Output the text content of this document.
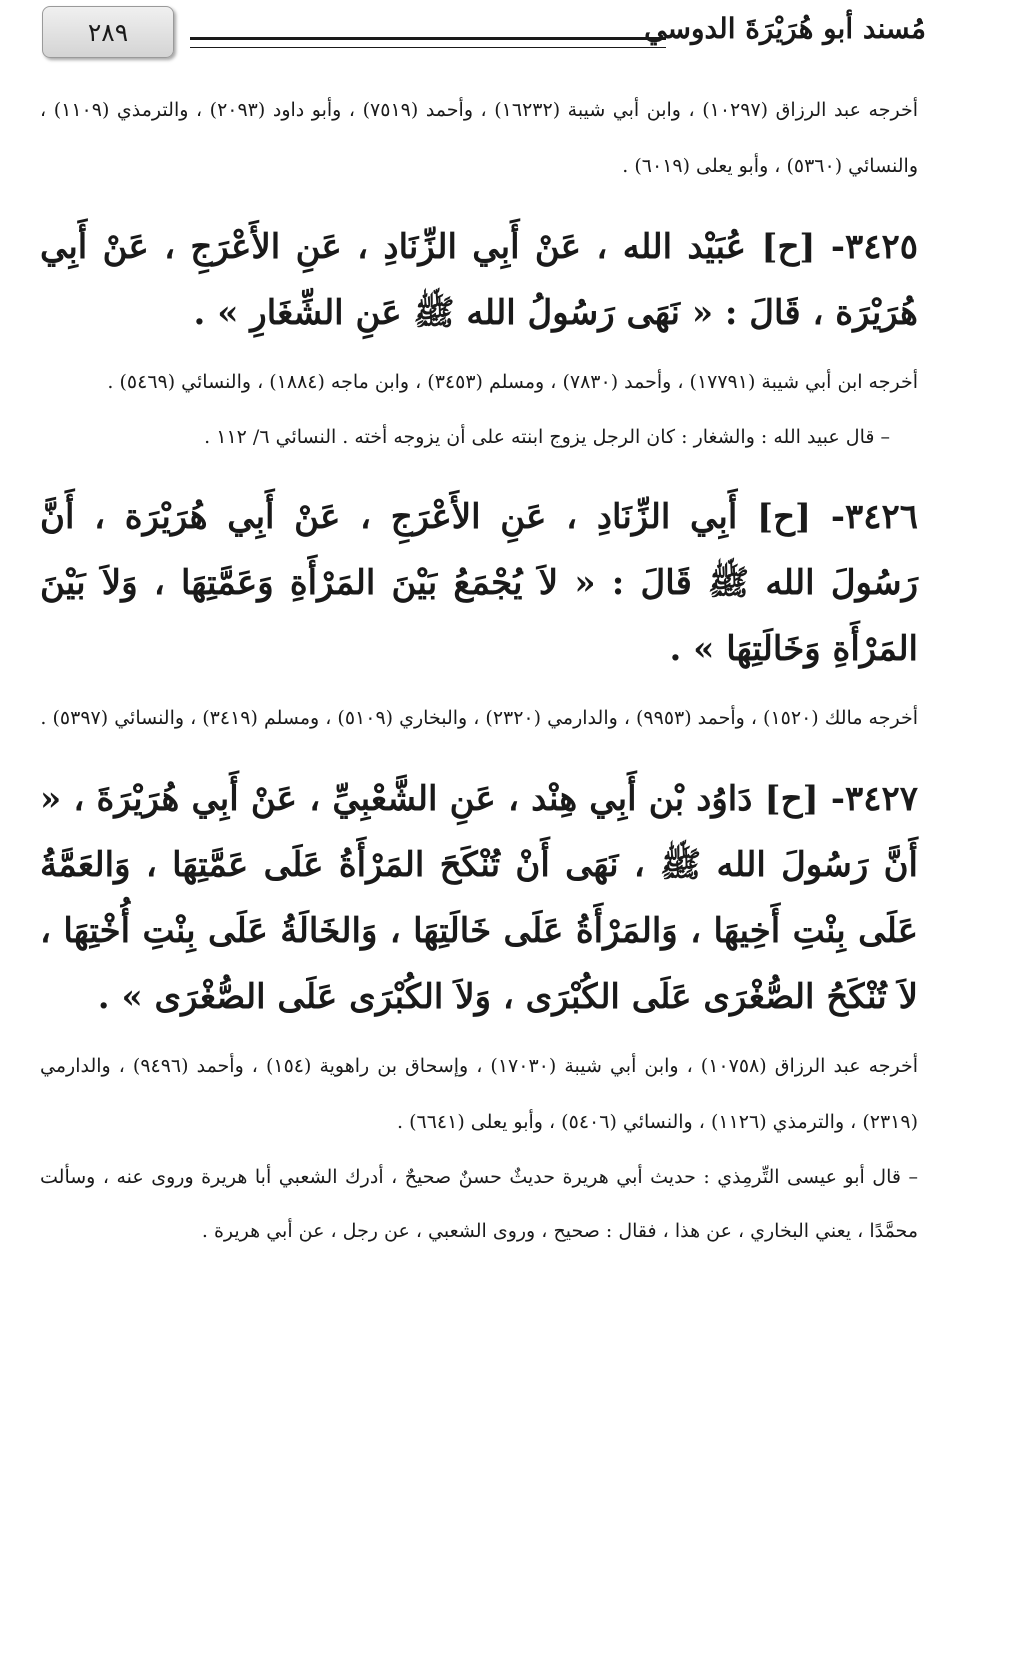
٢٨٩	مُسند أبو هُرَيْرَةَ الدوسي

أخرجه عبد الرزاق (١٠٢٩٧) ، وابن أبي شيبة (١٦٢٣٢) ، وأحمد (٧٥١٩) ، وأبو داود (٢٠٩٣) ، والترمذي (١١٠٩) ، والنسائي (٥٣٦٠) ، وأبو يعلى (٦٠١٩) .

٣٤٢٥- [ح] عُبَيْد الله ، عَنْ أَبِي الزِّنَادِ ، عَنِ الأَعْرَجِ ، عَنْ أَبِي هُرَيْرَة ، قَالَ : « نَهَى رَسُولُ الله ﷺ عَنِ الشِّغَارِ » .

أخرجه ابن أبي شيبة (١٧٧٩١) ، وأحمد (٧٨٣٠) ، ومسلم (٣٤٥٣) ، وابن ماجه (١٨٨٤) ، والنسائي (٥٤٦٩) .

– قال عبيد الله : والشغار : كان الرجل يزوج ابنته على أن يزوجه أخته . النسائي ٦/ ١١٢ .

٣٤٢٦- [ح] أَبِي الزِّنَادِ ، عَنِ الأَعْرَجِ ، عَنْ أَبِي هُرَيْرَة ، أَنَّ رَسُولَ الله ﷺ قَالَ : « لاَ يُجْمَعُ بَيْنَ المَرْأَةِ وَعَمَّتِهَا ، وَلاَ بَيْنَ المَرْأَةِ وَخَالَتِهَا » .

أخرجه مالك (١٥٢٠) ، وأحمد (٩٩٥٣) ، والدارمي (٢٣٢٠) ، والبخاري (٥١٠٩) ، ومسلم (٣٤١٩) ، والنسائي (٥٣٩٧) .

٣٤٢٧- [ح] دَاوُد بْن أَبِي هِنْد ، عَنِ الشَّعْبِيِّ ، عَنْ أَبِي هُرَيْرَةَ ، « أَنَّ رَسُولَ الله ﷺ ، نَهَى أَنْ تُنْكَحَ المَرْأَةُ عَلَى عَمَّتِهَا ، وَالعَمَّةُ عَلَى بِنْتِ أَخِيهَا ، وَالمَرْأَةُ عَلَى خَالَتِهَا ، وَالخَالَةُ عَلَى بِنْتِ أُخْتِهَا ، لاَ تُنْكَحُ الصُّغْرَى عَلَى الكُبْرَى ، وَلاَ الكُبْرَى عَلَى الصُّغْرَى » .

أخرجه عبد الرزاق (١٠٧٥٨) ، وابن أبي شيبة (١٧٠٣٠) ، وإسحاق بن راهوية (١٥٤) ، وأحمد (٩٤٩٦) ، والدارمي (٢٣١٩) ، والترمذي (١١٢٦) ، والنسائي (٥٤٠٦) ، وأبو يعلى (٦٦٤١) .

– قال أبو عيسى التِّرمِذي : حديث أبي هريرة حديثٌ حسنٌ صحيحٌ ، أدرك الشعبي أبا هريرة وروى عنه ، وسألت محمَّدًا ، يعني البخاري ، عن هذا ، فقال : صحيح ، وروى الشعبي ، عن رجل ، عن أبي هريرة .
